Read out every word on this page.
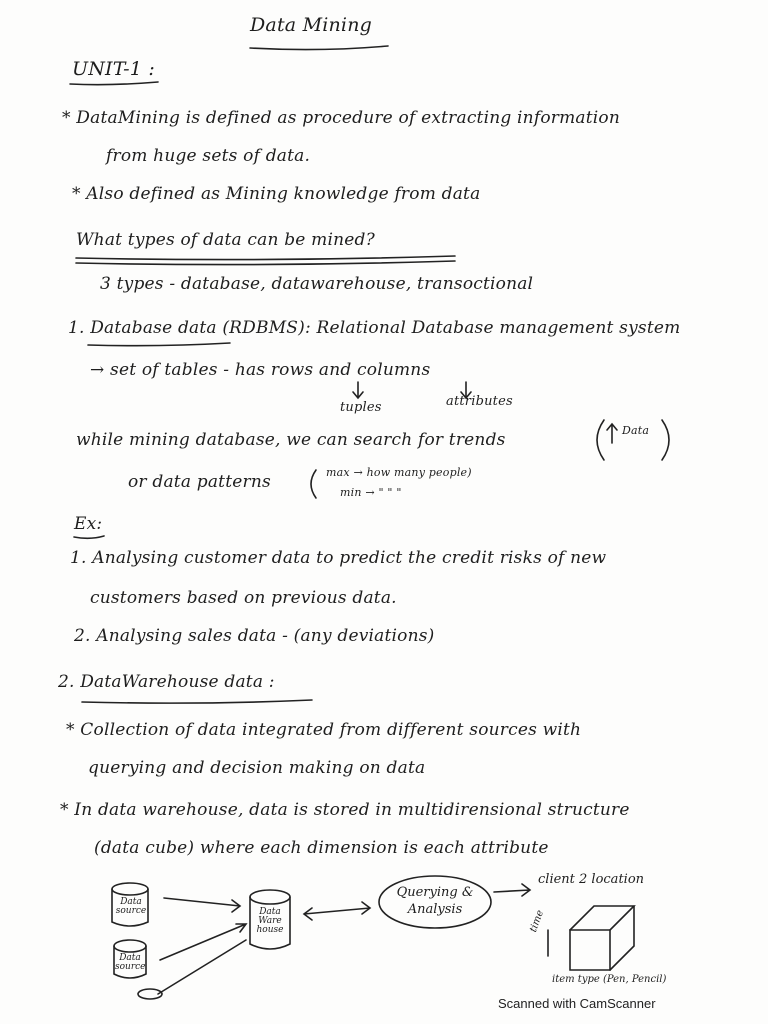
Data Mining
UNIT-1 :
* DataMining is defined as procedure of extracting information
from huge sets of data.
* Also defined as Mining knowledge from data
What types of data can be mined?
3 types - database, datawarehouse, transoctional
1. Database data (RDBMS): Relational Database management system
→ set of tables - has rows and columns
tuples	attributes
while mining database, we can search for trends	Data
or data patterns	max → how many people)
min → " " "
Ex:
1. Analysing customer data to predict the credit risks of new
customers based on previous data.
2. Analysing sales data - (any deviations)
2. DataWarehouse data :
* Collection of data integrated from different sources with
querying and decision making on data
* In data warehouse, data is stored in multidirensional structure
(data cube) where each dimension is each attribute
Data source
Data source
Data Ware house
Querying & Analysis
client 2 location
time
item type (Pen, Pencil)
Scanned with CamScanner
